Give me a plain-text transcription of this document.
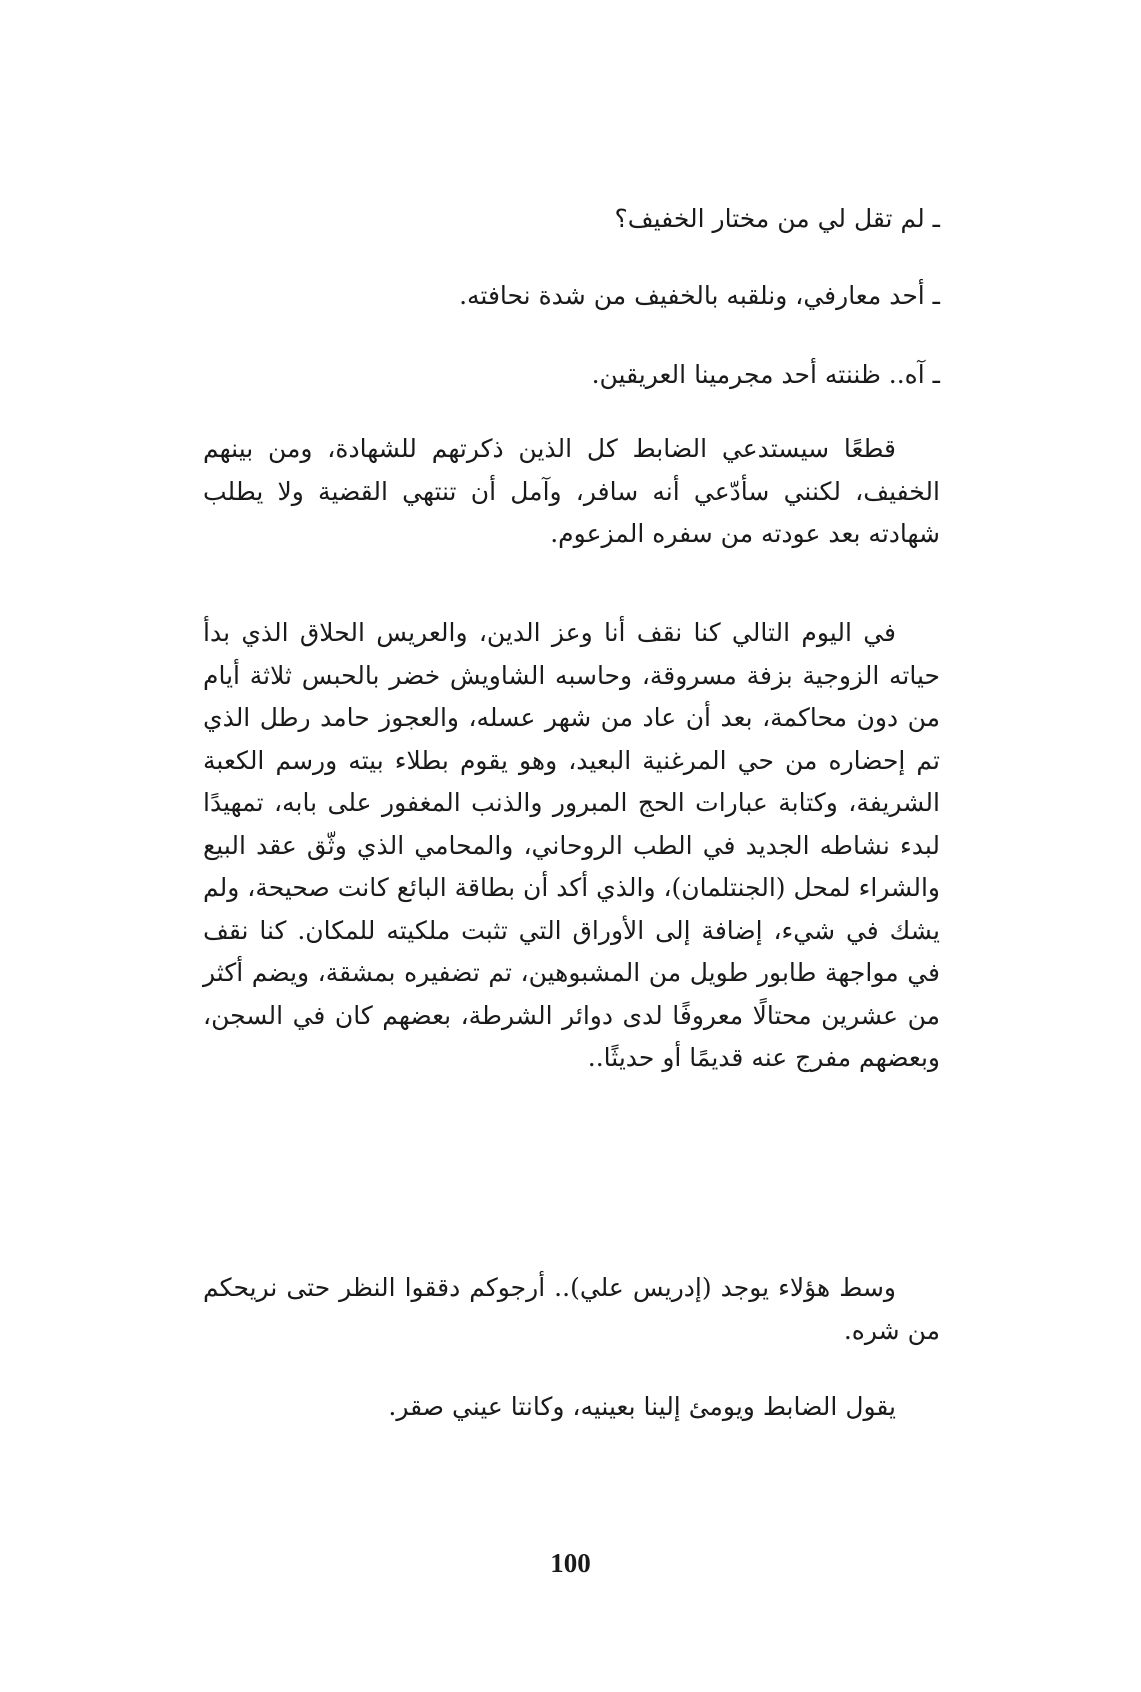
ـ لم تقل لي من مختار الخفيف؟
ـ أحد معارفي، ونلقبه بالخفيف من شدة نحافته.
ـ آه.. ظننته أحد مجرمينا العريقين.

قطعًا سيستدعي الضابط كل الذين ذكرتهم للشهادة، ومن بينهم الخفيف، لكنني سأدّعي أنه سافر، وآمل أن تنتهي القضية ولا يطلب شهادته بعد عودته من سفره المزعوم.

في اليوم التالي كنا نقف أنا وعز الدين، والعريس الحلاق الذي بدأ حياته الزوجية بزفة مسروقة، وحاسبه الشاويش خضر بالحبس ثلاثة أيام من دون محاكمة، بعد أن عاد من شهر عسله، والعجوز حامد رطل الذي تم إحضاره من حي المرغنية البعيد، وهو يقوم بطلاء بيته ورسم الكعبة الشريفة، وكتابة عبارات الحج المبرور والذنب المغفور على بابه، تمهيدًا لبدء نشاطه الجديد في الطب الروحاني، والمحامي الذي وثّق عقد البيع والشراء لمحل (الجنتلمان)، والذي أكد أن بطاقة البائع كانت صحيحة، ولم يشك في شيء، إضافة إلى الأوراق التي تثبت ملكيته للمكان. كنا نقف في مواجهة طابور طويل من المشبوهين، تم تضفيره بمشقة، ويضم أكثر من عشرين محتالًا معروفًا لدى دوائر الشرطة، بعضهم كان في السجن، وبعضهم مفرج عنه قديمًا أو حديثًا..

وسط هؤلاء يوجد (إدريس علي).. أرجوكم دققوا النظر حتى نريحكم من شره.

يقول الضابط ويومئ إلينا بعينيه، وكانتا عيني صقر.

100
